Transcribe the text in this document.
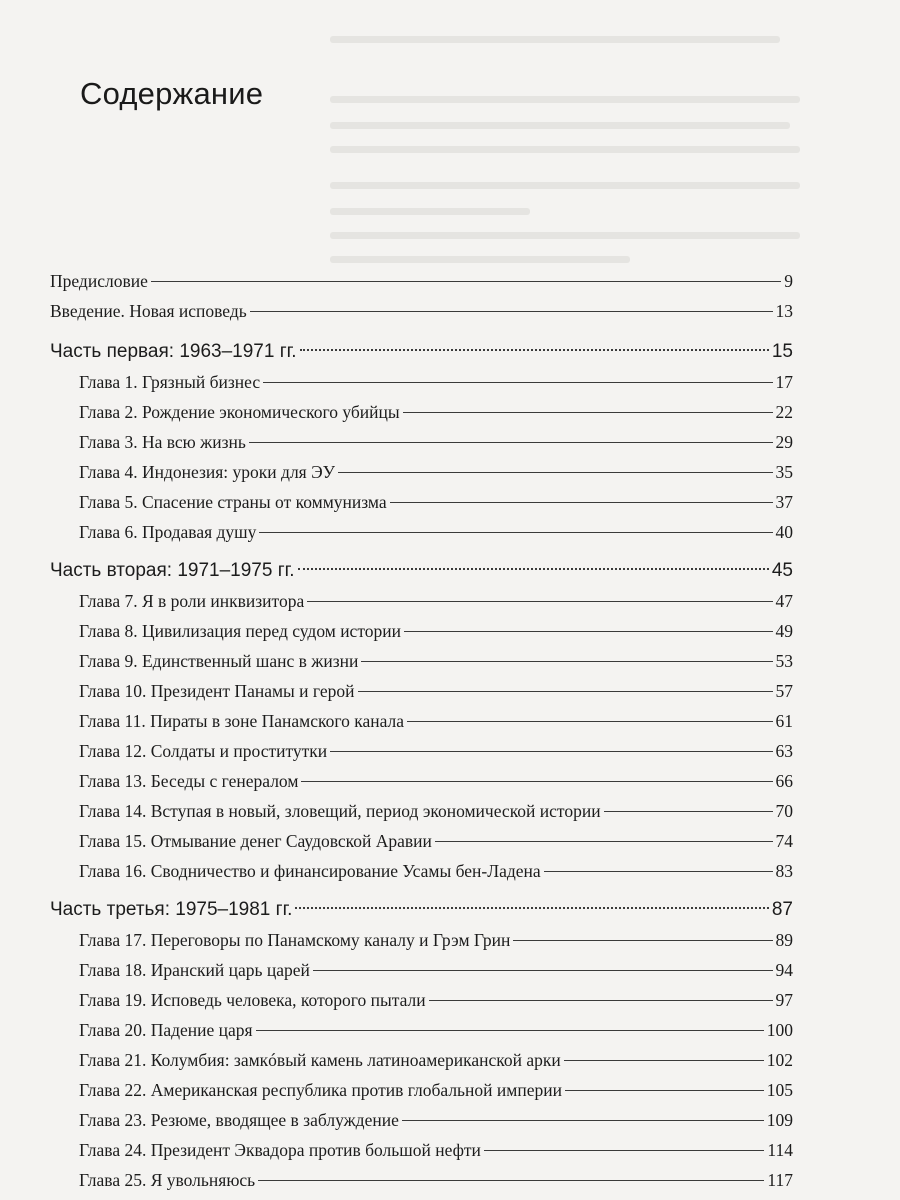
Содержание
Предисловие	9
Введение. Новая исповедь	13
Часть первая: 1963–1971 гг.	15
Глава 1. Грязный бизнес	17
Глава 2. Рождение экономического убийцы	22
Глава 3. На всю жизнь	29
Глава 4. Индонезия: уроки для ЭУ	35
Глава 5. Спасение страны от коммунизма	37
Глава 6. Продавая душу	40
Часть вторая: 1971–1975 гг.	45
Глава 7. Я в роли инквизитора	47
Глава 8. Цивилизация перед судом истории	49
Глава 9. Единственный шанс в жизни	53
Глава 10. Президент Панамы и герой	57
Глава 11. Пираты в зоне Панамского канала	61
Глава 12. Солдаты и проститутки	63
Глава 13. Беседы с генералом	66
Глава 14. Вступая в новый, зловещий, период экономической истории	70
Глава 15. Отмывание денег Саудовской Аравии	74
Глава 16. Сводничество и финансирование Усамы бен-Ладена	83
Часть третья: 1975–1981 гг.	87
Глава 17. Переговоры по Панамскому каналу и Грэм Грин	89
Глава 18. Иранский царь царей	94
Глава 19. Исповедь человека, которого пытали	97
Глава 20. Падение царя	100
Глава 21. Колумбия: замкóвый камень латиноамериканской арки	102
Глава 22. Американская республика против глобальной империи	105
Глава 23. Резюме, вводящее в заблуждение	109
Глава 24. Президент Эквадора против большой нефти	114
Глава 25. Я увольняюсь	117
